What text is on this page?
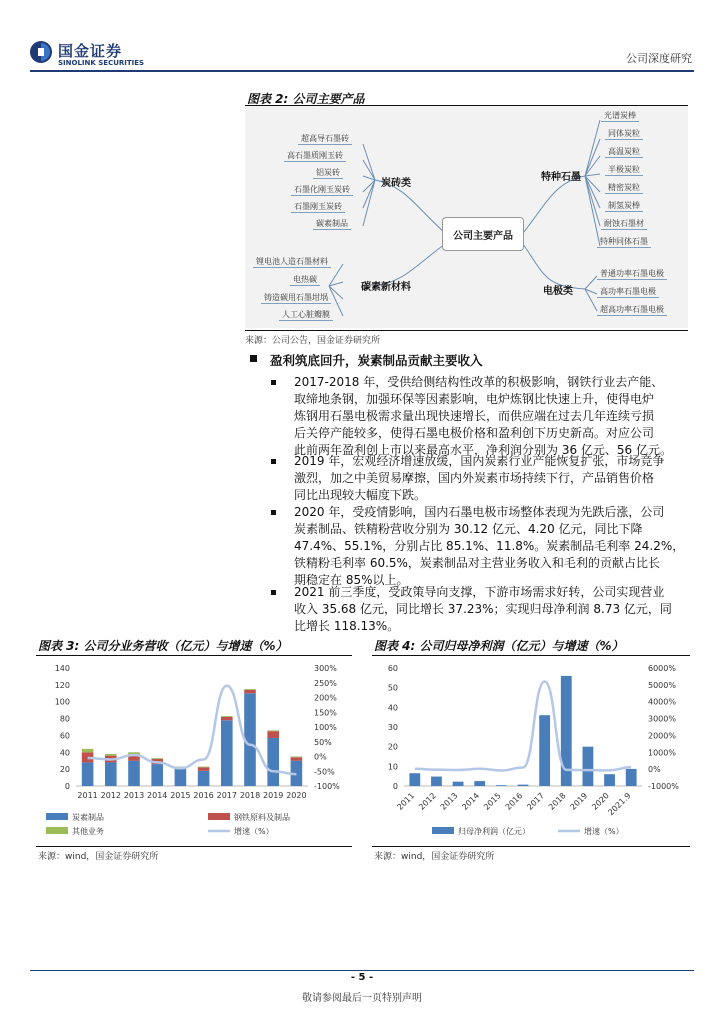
国金证券
SINOLINK SECURITIES	公司深度研究
图表 2: 公司主要产品
公司主要产品
炭砖类
超高导石墨砖
高石墨质刚玉砖
铝炭砖
石墨化刚玉炭砖
石墨刚玉炭砖
碳素制品
特种石墨
光谱炭棒
同体炭粒
高温炭粒
半极炭粒
精密炭粒
制氢炭棒
耐蚀石墨材
特种同体石墨
碳素新材料
锂电池人造石墨材料
电热碳
铸造碳用石墨坩埚
人工心脏瓣膜
电极类
普通功率石墨电极
高功率石墨电极
超高功率石墨电极
来源：公司公告，国金证券研究所
盈利筑底回升，炭素制品贡献主要收入
2017-2018 年，受供给侧结构性改革的积极影响，钢铁行业去产能、
取缔地条钢，加强环保等因素影响，电炉炼钢比快速上升，使得电炉
炼钢用石墨电极需求量出现快速增长，而供应端在过去几年连续亏损
后关停产能较多，使得石墨电极价格和盈利创下历史新高。对应公司
此前两年盈利创上市以来最高水平，净利润分别为 36 亿元、56 亿元。
2019 年，宏观经济增速放缓，国内炭素行业产能恢复扩张，市场竞争
激烈，加之中美贸易摩擦，国内外炭素市场持续下行，产品销售价格
同比出现较大幅度下跌。
2020 年，受疫情影响，国内石墨电极市场整体表现为先跌后涨，公司
炭素制品、铁精粉营收分别为 30.12 亿元、4.20 亿元，同比下降
47.4%、55.1%，分别占比 85.1%、11.8%。炭素制品毛利率 24.2%，
铁精粉毛利率 60.5%，炭素制品对主营业务收入和毛利的贡献占比长
期稳定在 85%以上。
2021 前三季度，受政策导向支撑，下游市场需求好转，公司实现营业
收入 35.68 亿元，同比增长 37.23%；实现归母净利润 8.73 亿元，同
比增长 118.13%。
图表 3: 公司分业务营收（亿元）与增速（%）
0
20
40
60
80
100
120
140
-100%
-50%
0%
50%
100%
150%
200%
250%
300%
2011 2012 2013 2014 2015 2016 2017 2018 2019 2020
炭素制品	钢铁原料及制品
其他业务	增速（%）
来源：wind，国金证券研究所
图表 4: 公司归母净利润（亿元）与增速（%）
0
10
20
30
40
50
60
-1000%
0%
1000%
2000%
3000%
4000%
5000%
6000%
2011 2012 2013 2014 2015 2016 2017 2018 2019 2020
2021.9
归母净利润（亿元）	增速（%）
来源：wind，国金证券研究所
- 5 -
敬请参阅最后一页特别声明
